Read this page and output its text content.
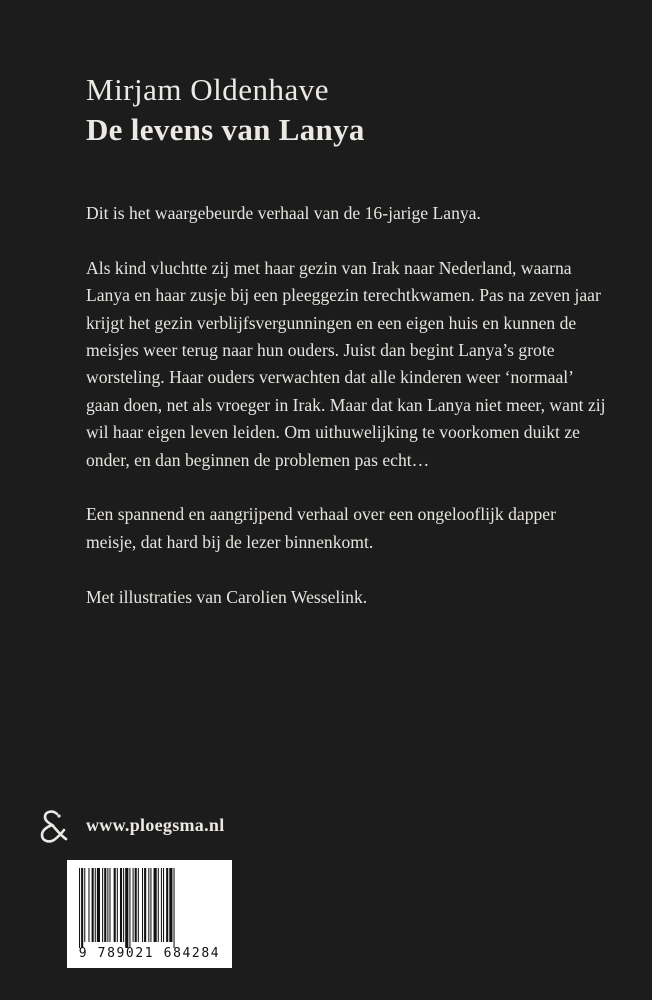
Mirjam Oldenhave
De levens van Lanya

Dit is het waargebeurde verhaal van de 16-jarige Lanya.

Als kind vluchtte zij met haar gezin van Irak naar Nederland, waarna Lanya en haar zusje bij een pleeggezin terechtkwamen. Pas na zeven jaar krijgt het gezin verblijfsvergunningen en een eigen huis en kunnen de meisjes weer terug naar hun ouders. Juist dan begint Lanya’s grote worsteling. Haar ouders verwachten dat alle kinderen weer ‘normaal’ gaan doen, net als vroeger in Irak. Maar dat kan Lanya niet meer, want zij wil haar eigen leven leiden. Om uithuwelijking te voorkomen duikt ze onder, en dan beginnen de problemen pas echt…

Een spannend en aangrijpend verhaal over een ongelooflijk dapper meisje, dat hard bij de lezer binnenkomt.

Met illustraties van Carolien Wesselink.

www.ploegsma.nl
9 789021 684284
